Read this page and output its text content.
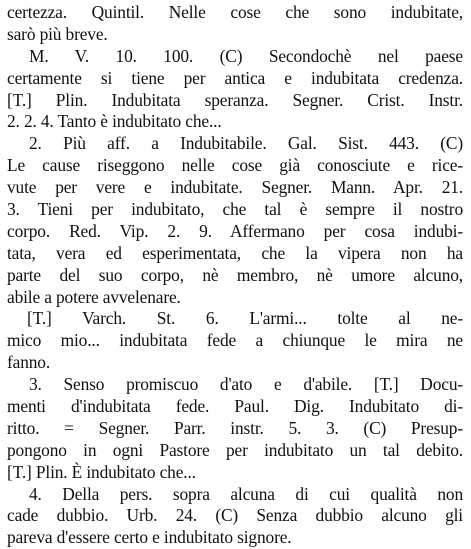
certezza. Quintil. Nelle cose che sono indubitate,
sarò più breve.
M. V. 10. 100. (C) Secondochè nel paese
certamente si tiene per antica e indubitata credenza.
[T.] Plin. Indubitata speranza. Segner. Crist. Instr.
2. 2. 4. Tanto è indubitato che...
2. Più aff. a Indubitabile. Gal. Sist. 443. (C)
Le cause riseggono nelle cose già conosciute e rice-
vute per vere e indubitate. Segner. Mann. Apr. 21.
3. Tieni per indubitato, che tal è sempre il nostro
corpo. Red. Vip. 2. 9. Affermano per cosa indubi-
tata, vera ed esperimentata, che la vipera non ha
parte del suo corpo, nè membro, nè umore alcuno,
abile a potere avvelenare.
[T.] Varch. St. 6. L'armi... tolte al ne-
mico mio... indubitata fede a chiunque le mira ne
fanno.
3. Senso promiscuo d'ato e d'abile. [T.] Docu-
menti d'indubitata fede. Paul. Dig. Indubitato di-
ritto. = Segner. Parr. instr. 5. 3. (C) Presup-
pongono in ogni Pastore per indubitato un tal debito.
[T.] Plin. È indubitato che...
4. Della pers. sopra alcuna di cui qualità non
cade dubbio. Urb. 24. (C) Senza dubbio alcuno gli
pareva d'essere certo e indubitato signore.
